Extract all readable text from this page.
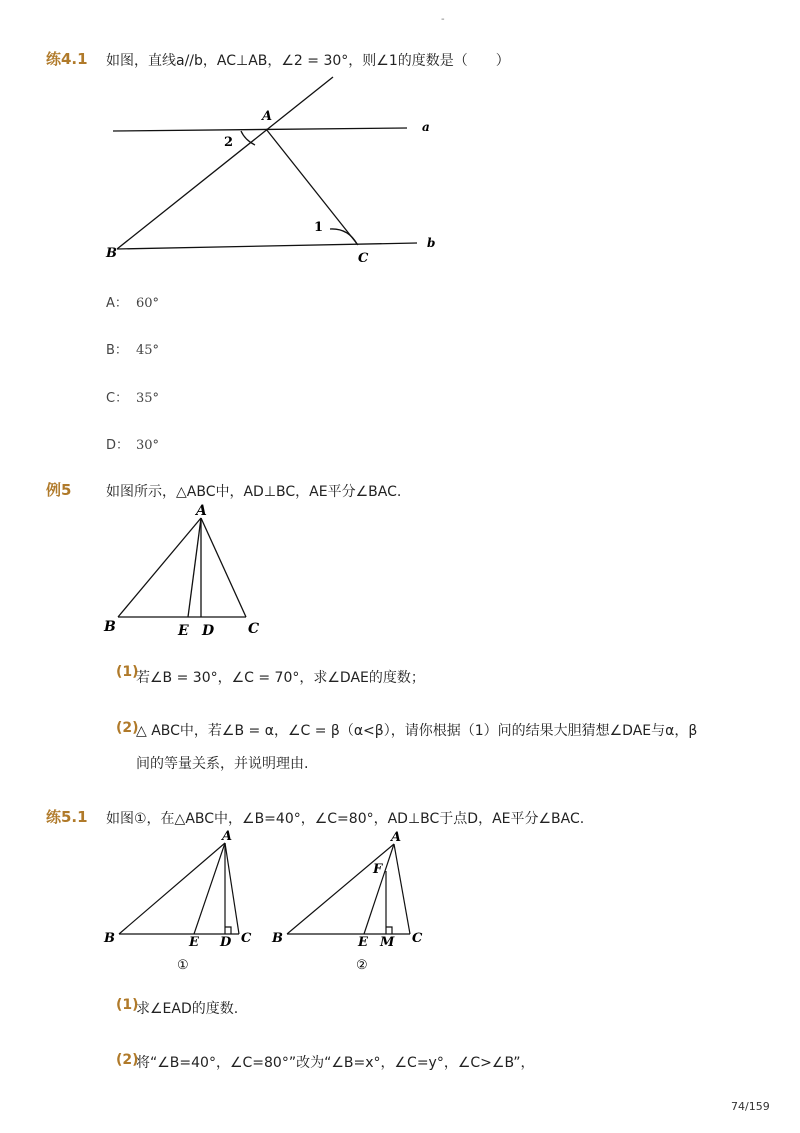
-
练4.1 如图，直线a//b，AC⊥AB，∠2 = 30°，则∠1的度数是（　　）
A
B	C
a
b
2
1
A： 60°
B： 45°
C： 35°
D： 30°
例5 如图所示，△ABC中，AD⊥BC，AE平分∠BAC.
A
B	C
E D
(1)
若∠B = 30°，∠C = 70°，求∠DAE的度数；
(2)
△ ABC中，若∠B = α，∠C = β（α<β），请你根据（1）问的结果大胆猜想∠DAE与α，β
间的等量关系，并说明理由.
练5.1 如图①，在△ABC中，∠B=40°，∠C=80°，AD⊥BC于点D，AE平分∠BAC.
A
B	C
E D
①
A
B	C
E M
F
②
(1)
求∠EAD的度数.
(2)
将“∠B=40°，∠C=80°”改为“∠B=x°，∠C=y°，∠C>∠B”，
74/159
